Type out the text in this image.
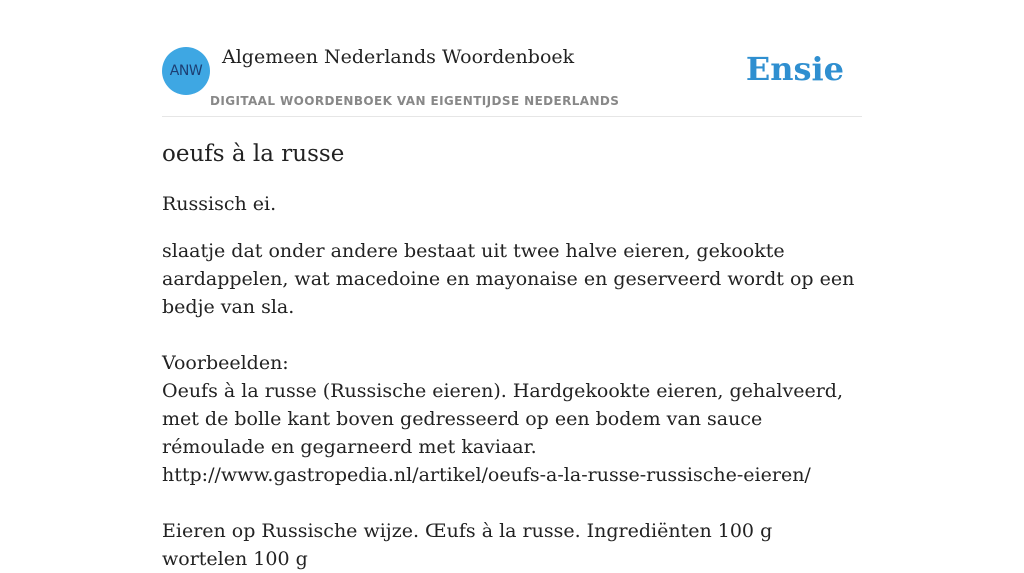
ANW
Algemeen Nederlands Woordenboek
DIGITAAL WOORDENBOEK VAN EIGENTIJDSE NEDERLANDS
Ensie
oeufs à la russe

Russisch ei.

slaatje dat onder andere bestaat uit twee halve eieren, gekookte aardappelen, wat macedoine en mayonaise en geserveerd wordt op een bedje van sla.

Voorbeelden:

Oeufs à la russe (Russische eieren). Hardgekookte eieren, gehalveerd, met de bolle kant boven gedresseerd op een bodem van sauce rémoulade en gegarneerd met kaviaar.

http://www.gastropedia.nl/artikel/oeufs-a-la-russe-russische-eieren/

Eieren op Russische wijze. Œufs à la russe. Ingrediënten 100 g wortelen 100 g
